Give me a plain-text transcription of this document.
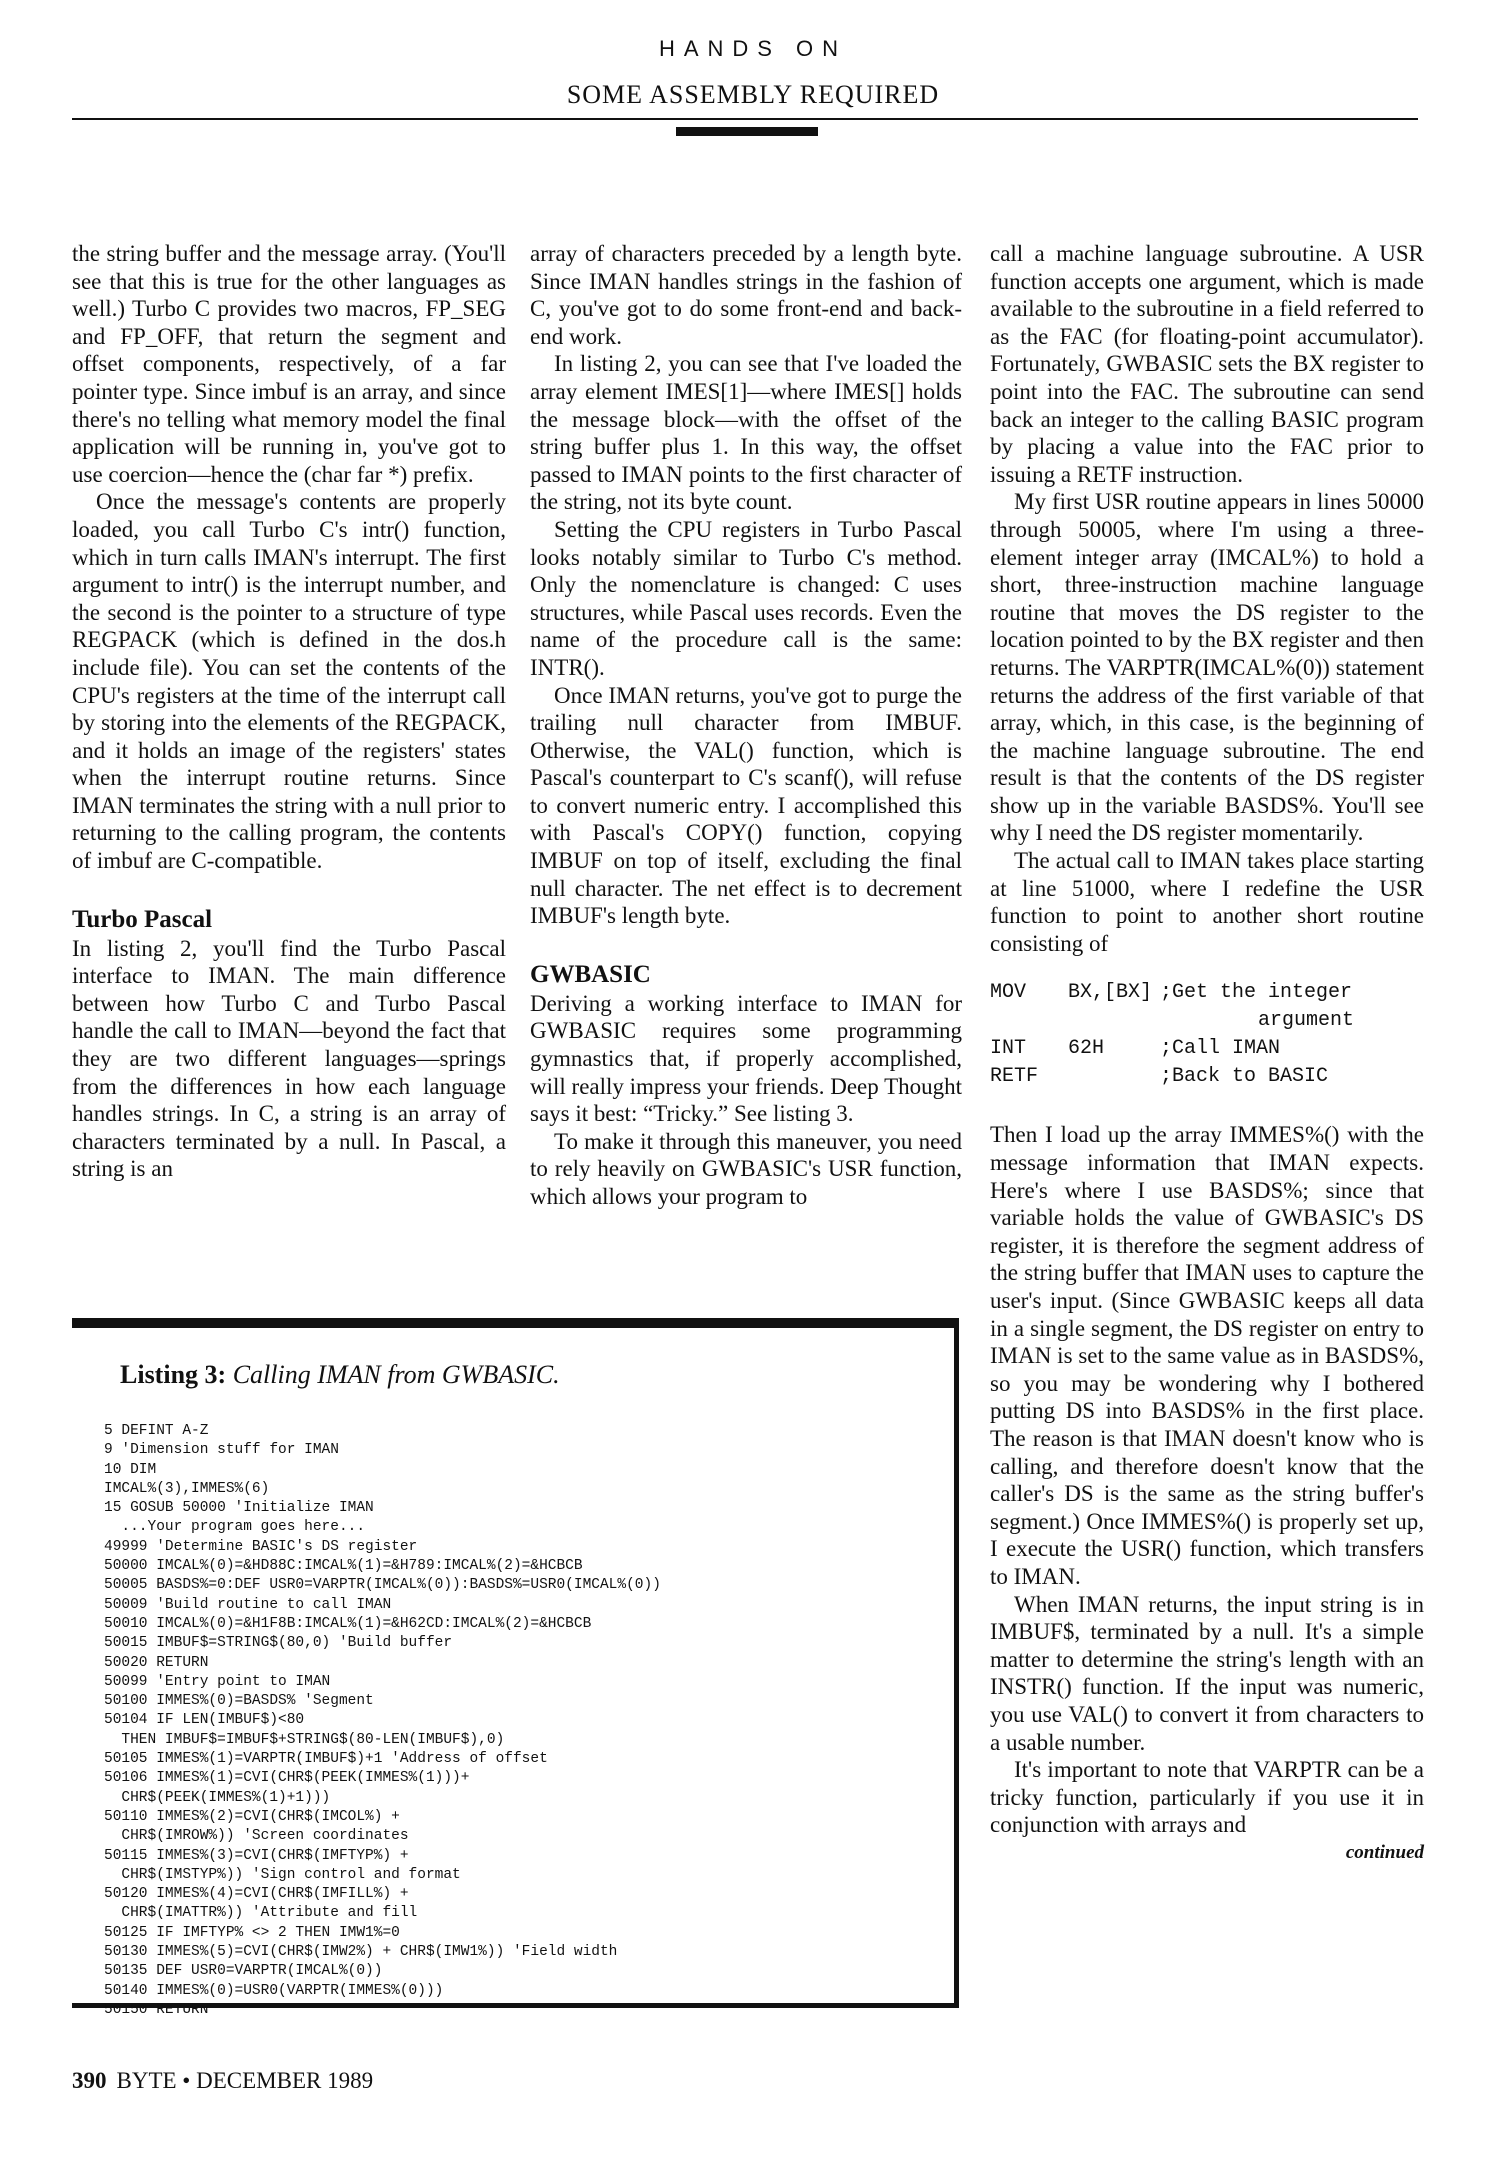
HANDS ON
SOME ASSEMBLY REQUIRED

the string buffer and the message array. (You'll see that this is true for the other languages as well.) Turbo C provides two macros, FP_SEG and FP_OFF, that return the segment and offset components, respectively, of a far pointer type. Since imbuf is an array, and since there's no telling what memory model the final application will be running in, you've got to use coercion—hence the (char far *) prefix.

Once the message's contents are properly loaded, you call Turbo C's intr() function, which in turn calls IMAN's interrupt. The first argument to intr() is the interrupt number, and the second is the pointer to a structure of type REGPACK (which is defined in the dos.h include file). You can set the contents of the CPU's registers at the time of the interrupt call by storing into the elements of the REGPACK, and it holds an image of the registers' states when the interrupt routine returns. Since IMAN terminates the string with a null prior to returning to the calling program, the contents of imbuf are C-compatible.

Turbo Pascal

In listing 2, you'll find the Turbo Pascal interface to IMAN. The main difference between how Turbo C and Turbo Pascal handle the call to IMAN—beyond the fact that they are two different languages—springs from the differences in how each language handles strings. In C, a string is an array of characters terminated by a null. In Pascal, a string is an

array of characters preceded by a length byte. Since IMAN handles strings in the fashion of C, you've got to do some front-end and back-end work.

In listing 2, you can see that I've loaded the array element IMES[1]—where IMES[] holds the message block—with the offset of the string buffer plus 1. In this way, the offset passed to IMAN points to the first character of the string, not its byte count.

Setting the CPU registers in Turbo Pascal looks notably similar to Turbo C's method. Only the nomenclature is changed: C uses structures, while Pascal uses records. Even the name of the procedure call is the same: INTR().

Once IMAN returns, you've got to purge the trailing null character from IMBUF. Otherwise, the VAL() function, which is Pascal's counterpart to C's scanf(), will refuse to convert numeric entry. I accomplished this with Pascal's COPY() function, copying IMBUF on top of itself, excluding the final null character. The net effect is to decrement IMBUF's length byte.

GWBASIC

Deriving a working interface to IMAN for GWBASIC requires some programming gymnastics that, if properly accomplished, will really impress your friends. Deep Thought says it best: “Tricky.” See listing 3.

To make it through this maneuver, you need to rely heavily on GWBASIC's USR function, which allows your program to

call a machine language subroutine. A USR function accepts one argument, which is made available to the subroutine in a field referred to as the FAC (for floating-point accumulator). Fortunately, GWBASIC sets the BX register to point into the FAC. The subroutine can send back an integer to the calling BASIC program by placing a value into the FAC prior to issuing a RETF instruction.

My first USR routine appears in lines 50000 through 50005, where I'm using a three-element integer array (IMCAL%) to hold a short, three-instruction machine language routine that moves the DS register to the location pointed to by the BX register and then returns. The VARPTR(IMCAL%(0)) statement returns the address of the first variable of that array, which, in this case, is the beginning of the machine language subroutine. The end result is that the contents of the DS register show up in the variable BASDS%. You'll see why I need the DS register momentarily.

The actual call to IMAN takes place starting at line 51000, where I redefine the USR function to point to another short routine consisting of

MOV	BX,[BX] ;Get the integer
argument
INT	62H	;Call IMAN
RETF	;Back to BASIC

Then I load up the array IMMES%() with the message information that IMAN expects. Here's where I use BASDS%; since that variable holds the value of GWBASIC's DS register, it is therefore the segment address of the string buffer that IMAN uses to capture the user's input. (Since GWBASIC keeps all data in a single segment, the DS register on entry to IMAN is set to the same value as in BASDS%, so you may be wondering why I bothered putting DS into BASDS% in the first place. The reason is that IMAN doesn't know who is calling, and therefore doesn't know that the caller's DS is the same as the string buffer's segment.) Once IMMES%() is properly set up, I execute the USR() function, which transfers to IMAN.

When IMAN returns, the input string is in IMBUF$, terminated by a null. It's a simple matter to determine the string's length with an INSTR() function. If the input was numeric, you use VAL() to convert it from characters to a usable number.

It's important to note that VARPTR can be a tricky function, particularly if you use it in conjunction with arrays and

continued

Listing 3: Calling IMAN from GWBASIC.
5 DEFINT A-Z
9 'Dimension stuff for IMAN
10 DIM
IMCAL%(3),IMMES%(6)
15 GOSUB 50000 'Initialize IMAN
...Your program goes here...
49999 'Determine BASIC's DS register
50000 IMCAL%(0)=&HD88C:IMCAL%(1)=&H789:IMCAL%(2)=&HCBCB
50005 BASDS%=0:DEF USR0=VARPTR(IMCAL%(0)):BASDS%=USR0(IMCAL%(0))
50009 'Build routine to call IMAN
50010 IMCAL%(0)=&H1F8B:IMCAL%(1)=&H62CD:IMCAL%(2)=&HCBCB
50015 IMBUF$=STRING$(80,0) 'Build buffer
50020 RETURN
50099 'Entry point to IMAN
50100 IMMES%(0)=BASDS% 'Segment
50104 IF LEN(IMBUF$)<80
THEN IMBUF$=IMBUF$+STRING$(80-LEN(IMBUF$),0)
50105 IMMES%(1)=VARPTR(IMBUF$)+1 'Address of offset
50106 IMMES%(1)=CVI(CHR$(PEEK(IMMES%(1)))+
CHR$(PEEK(IMMES%(1)+1)))
50110 IMMES%(2)=CVI(CHR$(IMCOL%) +
CHR$(IMROW%)) 'Screen coordinates
50115 IMMES%(3)=CVI(CHR$(IMFTYP%) +
CHR$(IMSTYP%)) 'Sign control and format
50120 IMMES%(4)=CVI(CHR$(IMFILL%) +
CHR$(IMATTR%)) 'Attribute and fill
50125 IF IMFTYP% <> 2 THEN IMW1%=0
50130 IMMES%(5)=CVI(CHR$(IMW2%) + CHR$(IMW1%)) 'Field width
50135 DEF USR0=VARPTR(IMCAL%(0))
50140 IMMES%(0)=USR0(VARPTR(IMMES%(0)))
50150 RETURN
390 BYTE • DECEMBER 1989
